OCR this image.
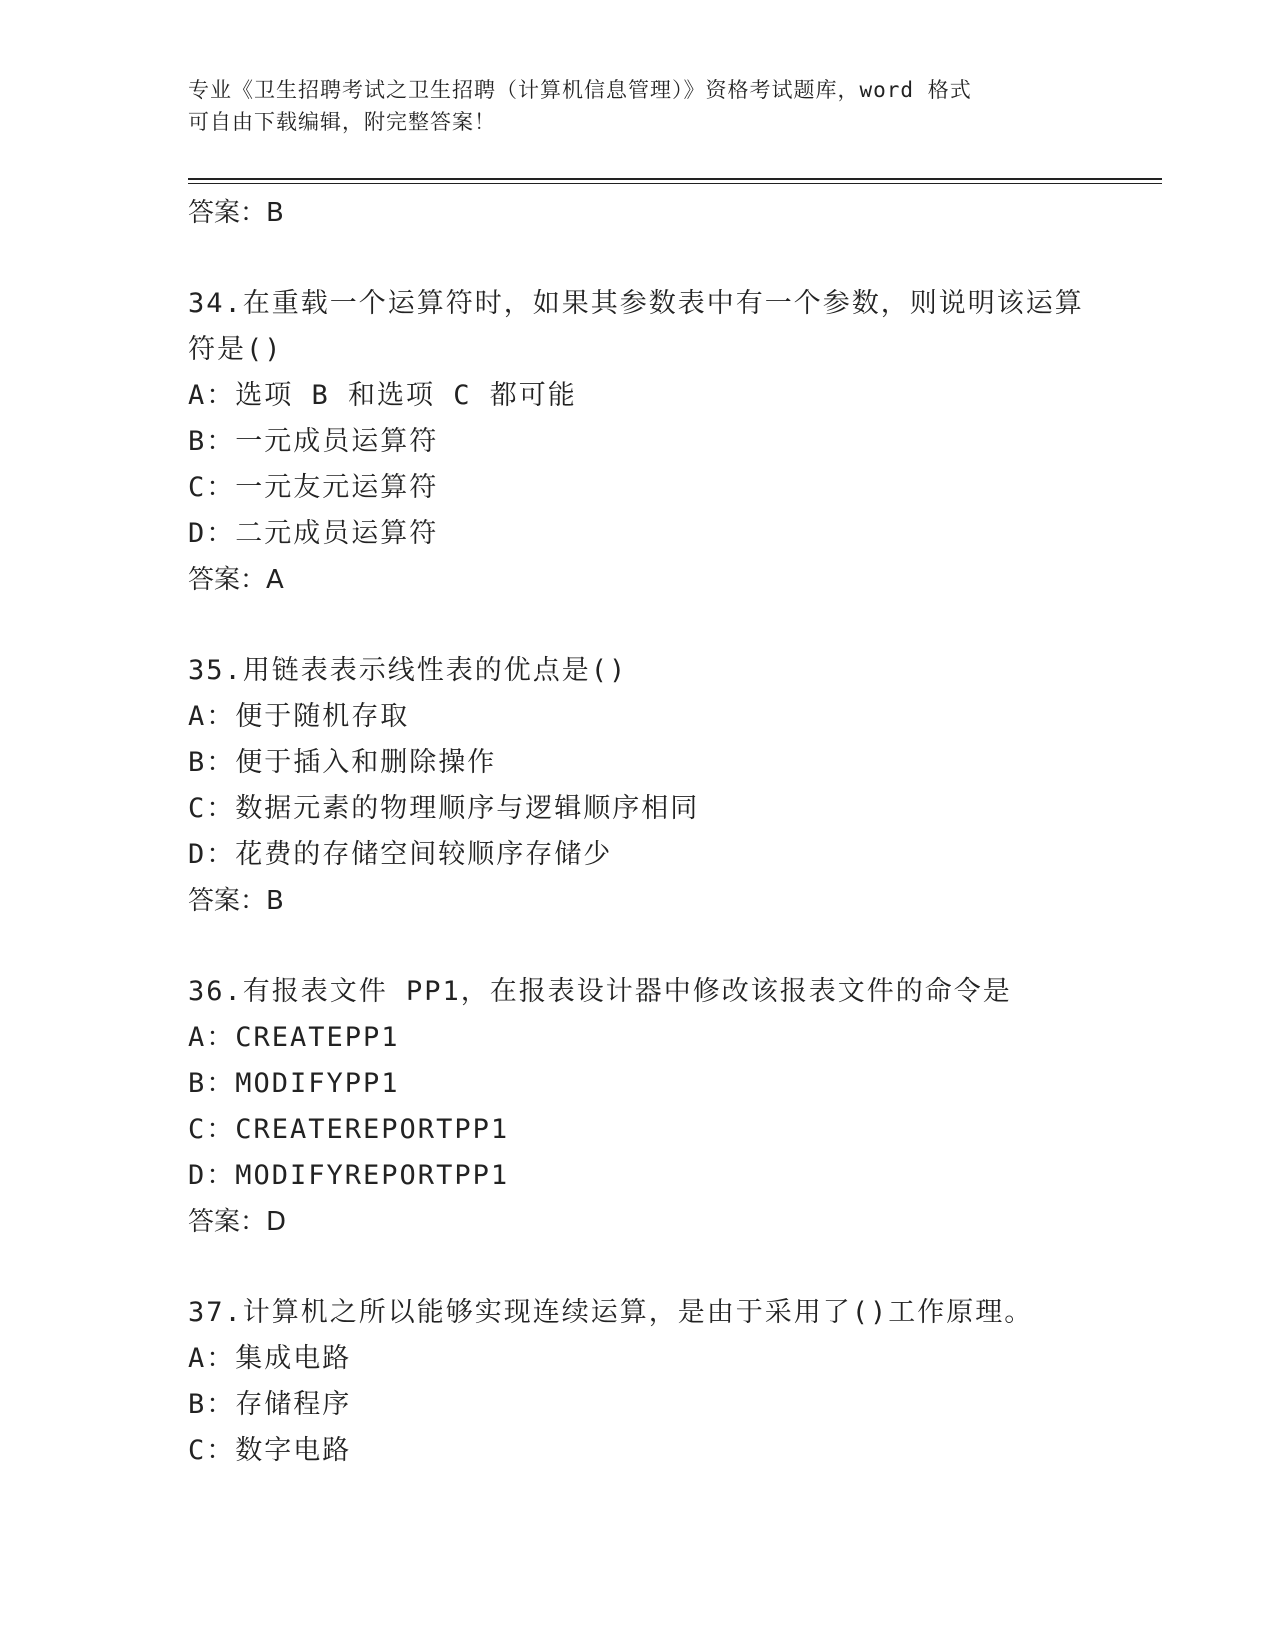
专业《卫生招聘考试之卫生招聘（计算机信息管理）》资格考试题库，word 格式
可自由下载编辑，附完整答案！
答案：B
34.在重载一个运算符时，如果其参数表中有一个参数，则说明该运算
符是()
A：选项 B 和选项 C 都可能
B：一元成员运算符
C：一元友元运算符
D：二元成员运算符
答案：A
35.用链表表示线性表的优点是()
A：便于随机存取
B：便于插入和删除操作
C：数据元素的物理顺序与逻辑顺序相同
D：花费的存储空间较顺序存储少
答案：B
36.有报表文件 PP1，在报表设计器中修改该报表文件的命令是
A：CREATEPP1
B：MODIFYPP1
C：CREATEREPORTPP1
D：MODIFYREPORTPP1
答案：D
37.计算机之所以能够实现连续运算，是由于采用了()工作原理。
A：集成电路
B：存储程序
C：数字电路
